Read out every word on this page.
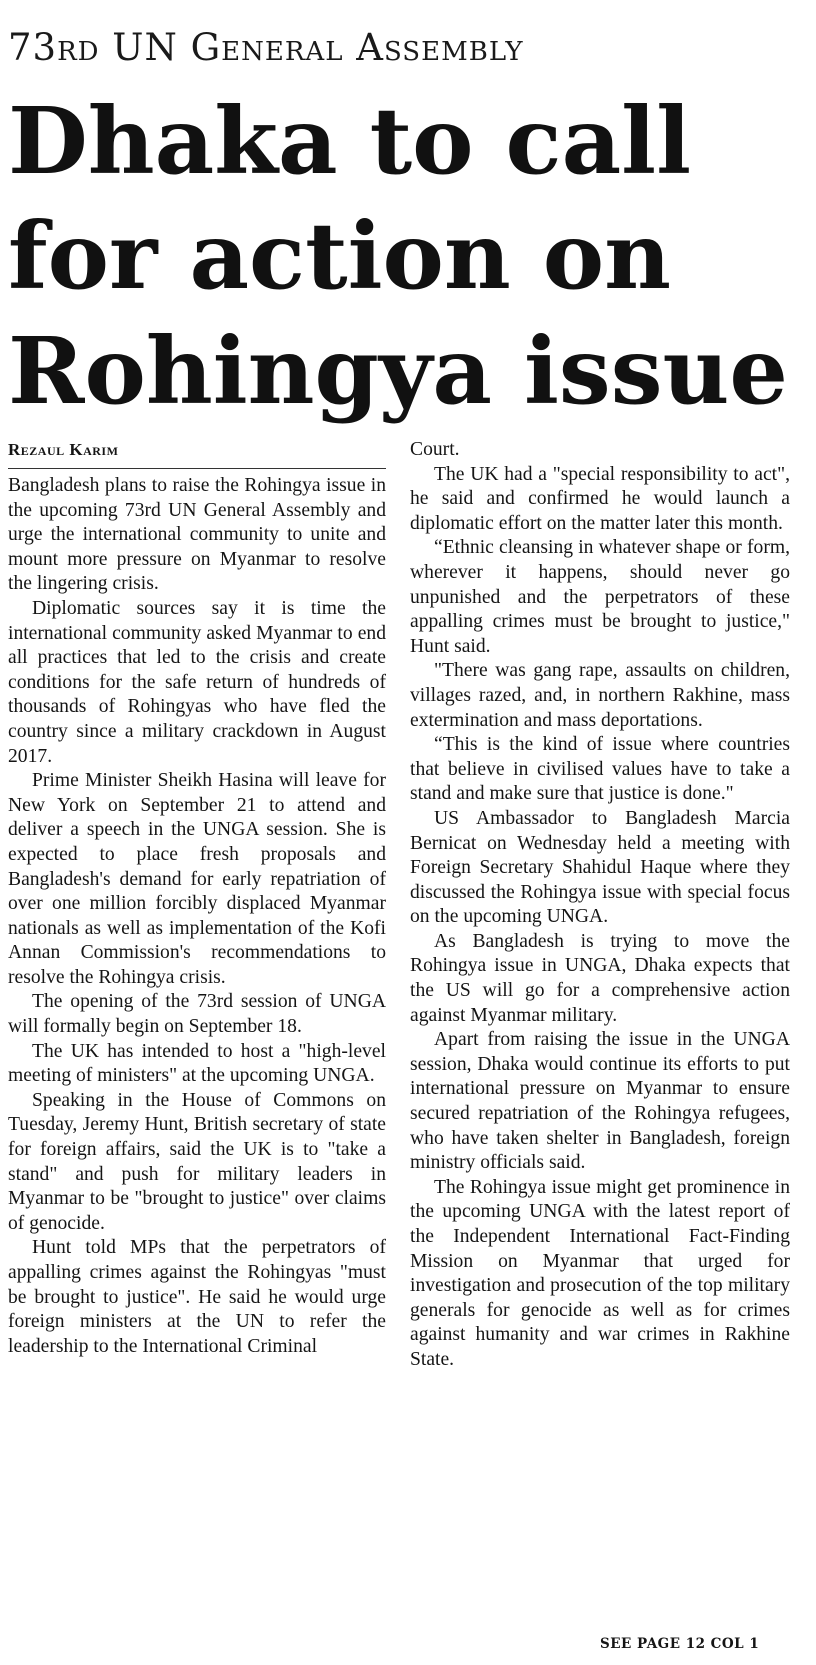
73rd UN General Assembly
Dhaka to call
for action on
Rohingya issue
Rezaul Karim

Bangladesh plans to raise the Rohingya issue in the upcoming 73rd UN General Assembly and urge the international community to unite and mount more pressure on Myanmar to resolve the lingering crisis.

Diplomatic sources say it is time the international community asked Myanmar to end all practices that led to the crisis and create conditions for the safe return of hundreds of thousands of Rohingyas who have fled the country since a military crackdown in August 2017.

Prime Minister Sheikh Hasina will leave for New York on September 21 to attend and deliver a speech in the UNGA session. She is expected to place fresh proposals and Bangladesh's demand for early repatriation of over one million forcibly displaced Myanmar nationals as well as implementation of the Kofi Annan Commission's recommendations to resolve the Rohingya crisis.

The opening of the 73rd session of UNGA will formally begin on September 18.

The UK has intended to host a "high-level meeting of ministers" at the upcoming UNGA.

Speaking in the House of Commons on Tuesday, Jeremy Hunt, British secretary of state for foreign affairs, said the UK is to "take a stand" and push for military leaders in Myanmar to be "brought to justice" over claims of genocide.

Hunt told MPs that the perpetrators of appalling crimes against the Rohingyas "must be brought to justice". He said he would urge foreign ministers at the UN to refer the leadership to the International Criminal

Court.

The UK had a "special responsibility to act", he said and confirmed he would launch a diplomatic effort on the matter later this month.

“Ethnic cleansing in whatever shape or form, wherever it happens, should never go unpunished and the perpetrators of these appalling crimes must be brought to justice," Hunt said.

"There was gang rape, assaults on children, villages razed, and, in northern Rakhine, mass extermination and mass deportations.

“This is the kind of issue where countries that believe in civilised values have to take a stand and make sure that justice is done."

US Ambassador to Bangladesh Marcia Bernicat on Wednesday held a meeting with Foreign Secretary Shahidul Haque where they discussed the Rohingya issue with special focus on the upcoming UNGA.

As Bangladesh is trying to move the Rohingya issue in UNGA, Dhaka expects that the US will go for a comprehensive action against Myanmar military.

Apart from raising the issue in the UNGA session, Dhaka would continue its efforts to put international pressure on Myanmar to ensure secured repatriation of the Rohingya refugees, who have taken shelter in Bangladesh, foreign ministry officials said.

The Rohingya issue might get prominence in the upcoming UNGA with the latest report of the Independent International Fact-Finding Mission on Myanmar that urged for investigation and prosecution of the top military generals for genocide as well as for crimes against humanity and war crimes in Rakhine State.

SEE PAGE 12 COL 1
